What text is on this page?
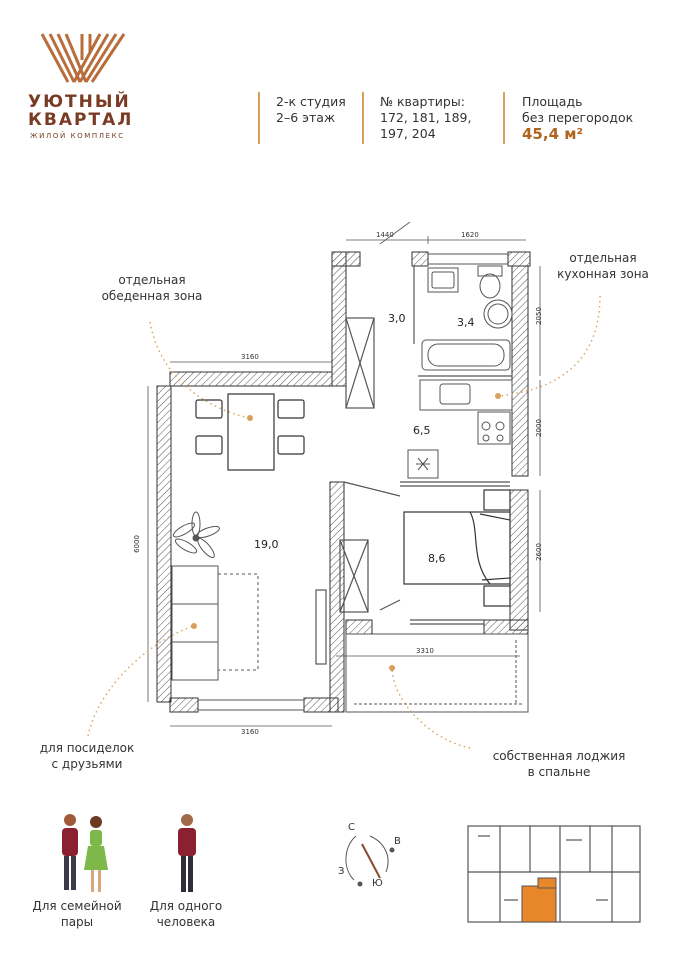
УЮТНЫЙ
КВАРТАЛ
ЖИЛОЙ КОМПЛЕКС
2-к студия
2–6 этаж
№ квартиры:
172, 181, 189,
197, 204
Площадь
без перегородок
45,4 м²
3,0	3,4
6,5
8,6
19,0
1440	1620
3160
3160
6000
2050
2000
2600
3310
отдельная
обеденная зона
отдельная
кухонная зона
для посиделок
с друзьями
собственная лоджия
в спальне
Для семейной
пары
Для одного
человека
С
В
З
Ю
